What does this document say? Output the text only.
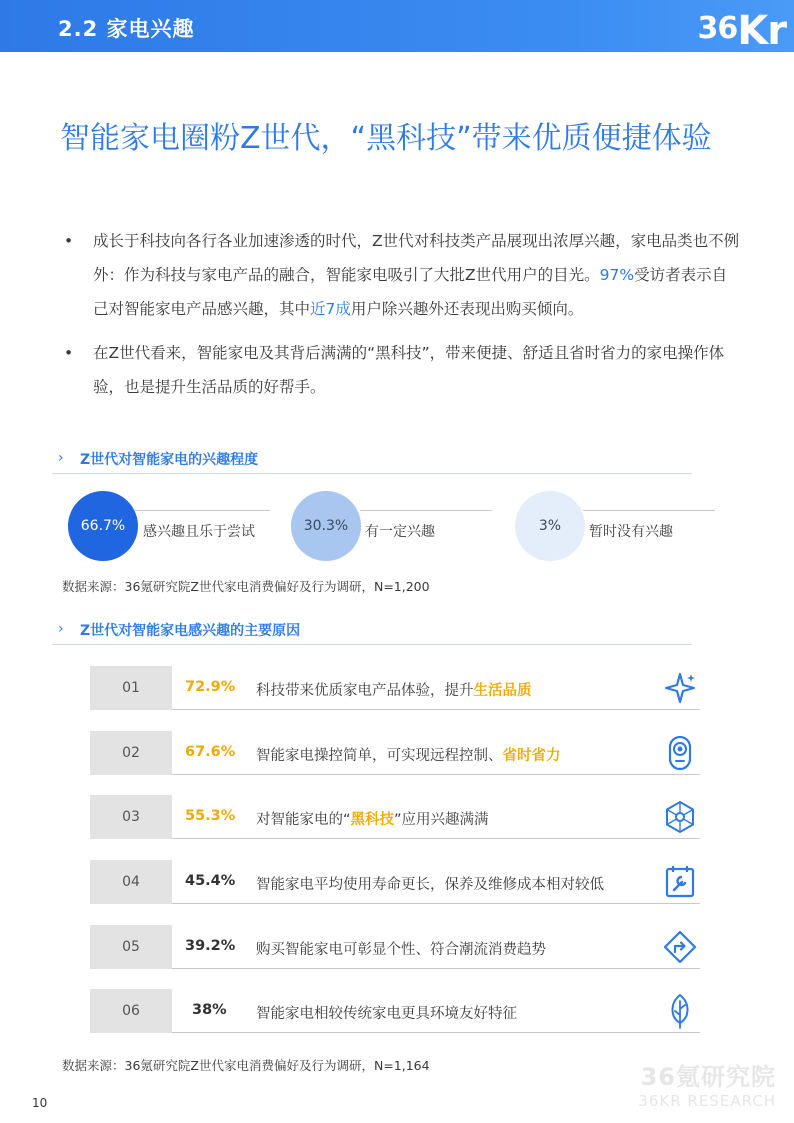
2.2 家电兴趣	36Kr
智能家电圈粉Z世代，“黑科技”带来优质便捷体验
• 成长于科技向各行各业加速渗透的时代，Z世代对科技类产品展现出浓厚兴趣，家电品类也不例外：作为科技与家电产品的融合，智能家电吸引了大批Z世代用户的目光。97%受访者表示自己对智能家电产品感兴趣，其中近7成用户除兴趣外还表现出购买倾向。
• 在Z世代看来，智能家电及其背后满满的“黑科技”，带来便捷、舒适且省时省力的家电操作体验，也是提升生活品质的好帮手。
› Z世代对智能家电的兴趣程度
66.7% 感兴趣且乐于尝试	30.3% 有一定兴趣	3% 暂时没有兴趣
数据来源：36氪研究院Z世代家电消费偏好及行为调研，N=1,200
› Z世代对智能家电感兴趣的主要原因
01	72.9% 科技带来优质家电产品体验，提升生活品质
02	67.6% 智能家电操控简单，可实现远程控制、省时省力
03	55.3% 对智能家电的“黑科技”应用兴趣满满
04	45.4% 智能家电平均使用寿命更长，保养及维修成本相对较低
05	39.2% 购买智能家电可彰显个性、符合潮流消费趋势
06	38% 智能家电相较传统家电更具环境友好特征
数据来源：36氪研究院Z世代家电消费偏好及行为调研，N=1,164	36氪研究院
36KR RESEARCH
10
